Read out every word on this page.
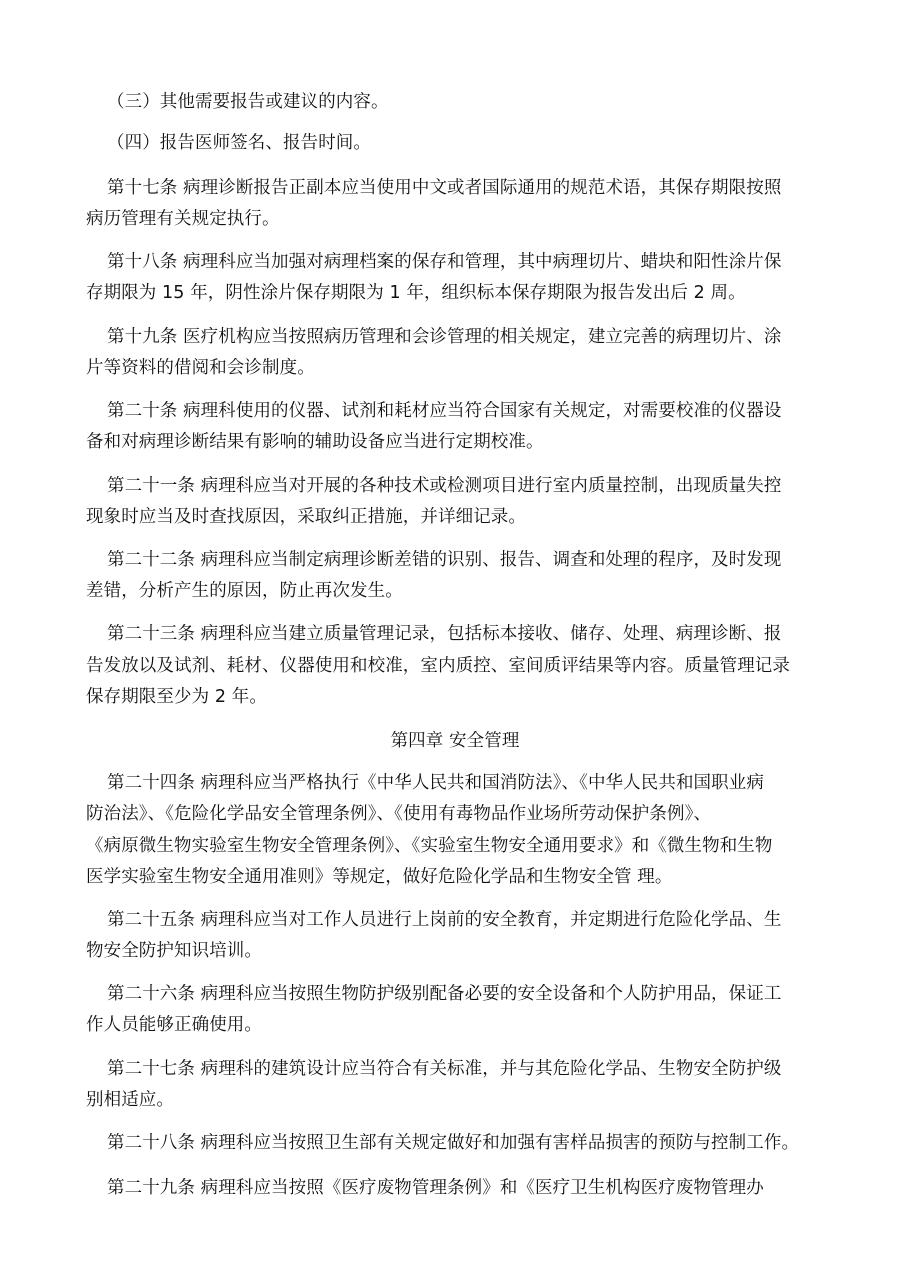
（三）其他需要报告或建议的内容。
（四）报告医师签名、报告时间。
第十七条 病理诊断报告正副本应当使用中文或者国际通用的规范术语，其保存期限按照
病历管理有关规定执行。
第十八条 病理科应当加强对病理档案的保存和管理，其中病理切片、蜡块和阳性涂片保
存期限为 15 年，阴性涂片保存期限为 1 年，组织标本保存期限为报告发出后 2 周。
第十九条 医疗机构应当按照病历管理和会诊管理的相关规定，建立完善的病理切片、涂
片等资料的借阅和会诊制度。
第二十条 病理科使用的仪器、试剂和耗材应当符合国家有关规定，对需要校准的仪器设
备和对病理诊断结果有影响的辅助设备应当进行定期校准。
第二十一条 病理科应当对开展的各种技术或检测项目进行室内质量控制，出现质量失控
现象时应当及时查找原因，采取纠正措施，并详细记录。
第二十二条 病理科应当制定病理诊断差错的识别、报告、调查和处理的程序，及时发现
差错，分析产生的原因，防止再次发生。
第二十三条 病理科应当建立质量管理记录，包括标本接收、储存、处理、病理诊断、报
告发放以及试剂、耗材、仪器使用和校准，室内质控、室间质评结果等内容。质量管理记录
保存期限至少为 2 年。
第四章 安全管理
第二十四条 病理科应当严格执行《中华人民共和国消防法》、《中华人民共和国职业病
防治法》、《危险化学品安全管理条例》、《使用有毒物品作业场所劳动保护条例》、
《病原微生物实验室生物安全管理条例》、《实验室生物安全通用要求》和《微生物和生物
医学实验室生物安全通用准则》等规定，做好危险化学品和生物安全管 理。
第二十五条 病理科应当对工作人员进行上岗前的安全教育，并定期进行危险化学品、生
物安全防护知识培训。
第二十六条 病理科应当按照生物防护级别配备必要的安全设备和个人防护用品，保证工
作人员能够正确使用。
第二十七条 病理科的建筑设计应当符合有关标准，并与其危险化学品、生物安全防护级
别相适应。
第二十八条 病理科应当按照卫生部有关规定做好和加强有害样品损害的预防与控制工作。
第二十九条 病理科应当按照《医疗废物管理条例》和《医疗卫生机构医疗废物管理办
